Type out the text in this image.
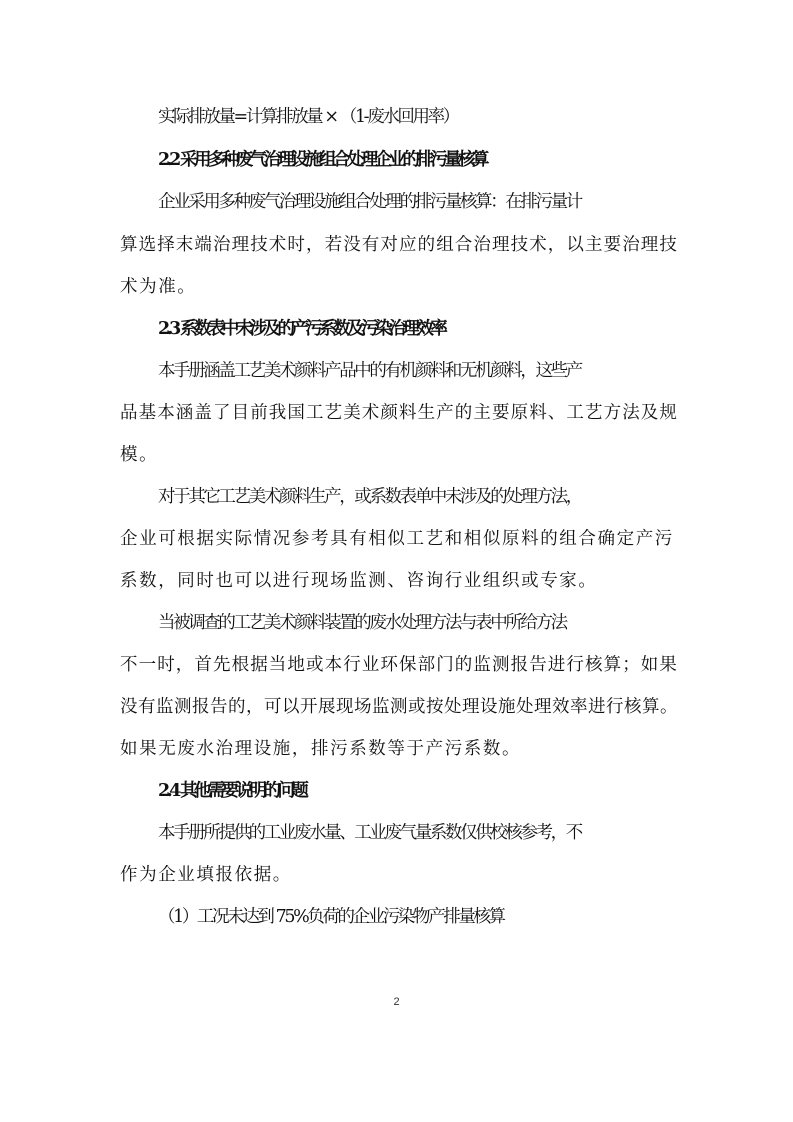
实际排放量=计算排放量 × （1-废水回用率）
2.2 采用多种废气治理设施组合处理企业的排污量核算
企业采用多种废气治理设施组合处理的排污量核算：在排污量计
算选择末端治理技术时，若没有对应的组合治理技术，以主要治理技
术为准。
2.3 系数表中未涉及的产污系数及污染治理效率
本手册涵盖工艺美术颜料产品中的有机颜料和无机颜料，这些产
品基本涵盖了目前我国工艺美术颜料生产的主要原料、工艺方法及规
模。
对于其它工艺美术颜料生产，或系数表单中未涉及的处理方法，
企业可根据实际情况参考具有相似工艺和相似原料的组合确定产污
系数，同时也可以进行现场监测、咨询行业组织或专家。
当被调查的工艺美术颜料装置的废水处理方法与表中所给方法
不一时，首先根据当地或本行业环保部门的监测报告进行核算；如果
没有监测报告的，可以开展现场监测或按处理设施处理效率进行核算。
如果无废水治理设施，排污系数等于产污系数。
2.4 其他需要说明的问题
本手册所提供的工业废水量、工业废气量系数仅供校核参考，不
作为企业填报依据。
（1）工况未达到 75%负荷的企业污染物产排量核算
2
